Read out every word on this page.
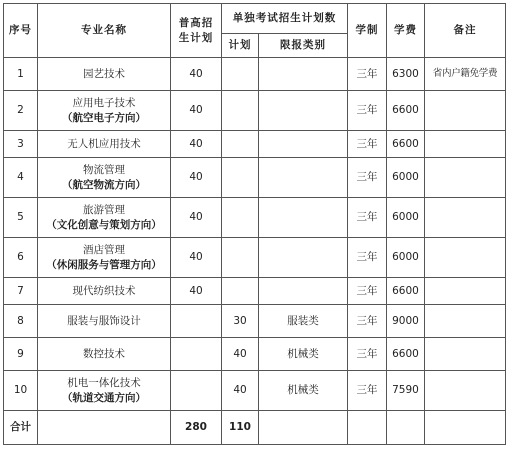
序号	专业名称	普高招生计划	单独考试招生计划数		学制	学费	备注
			计划	限报类别			
1	园艺技术	40			三年	6300	省内户籍免学费
2	应用电子技术
（航空电子方向）	40			三年	6600	
3	无人机应用技术	40			三年	6600	
4	物流管理
（航空物流方向）	40			三年	6000	
5	旅游管理
（文化创意与策划方向）	40			三年	6000	
6	酒店管理
（休闲服务与管理方向）	40			三年	6000	
7	现代纺织技术	40			三年	6600	
8	服装与服饰设计		30	服装类	三年	9000	
9	数控技术		40	机械类	三年	6600	
10	机电一体化技术
（轨道交通方向）		40	机械类	三年	7590	
合计		280	110				
